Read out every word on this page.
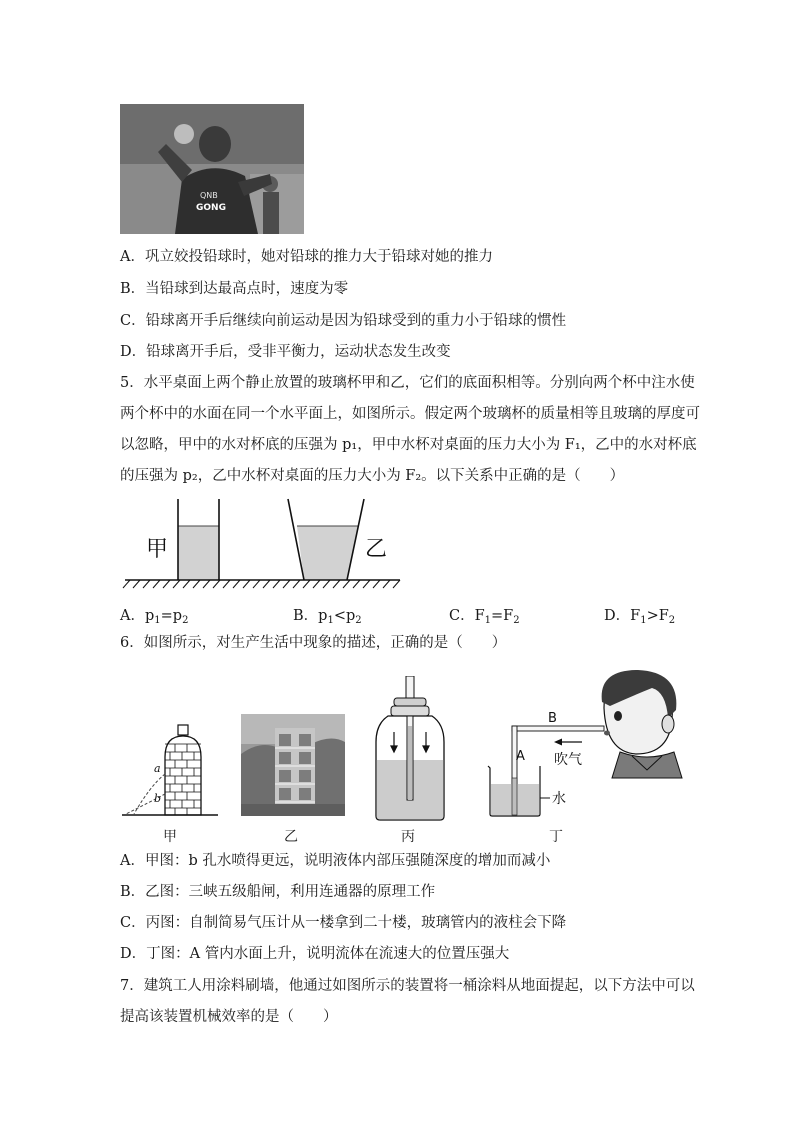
QNB
GONG
A．巩立姣投铅球时，她对铅球的推力大于铅球对她的推力
B．当铅球到达最高点时，速度为零
C．铅球离开手后继续向前运动是因为铅球受到的重力小于铅球的惯性
D．铅球离开手后，受非平衡力，运动状态发生改变
5．水平桌面上两个静止放置的玻璃杯甲和乙，它们的底面积相等。分别向两个杯中注水使
两个杯中的水面在同一个水平面上，如图所示。假定两个玻璃杯的质量相等且玻璃的厚度可
以忽略，甲中的水对杯底的压强为 p₁，甲中水杯对桌面的压力大小为 F₁，乙中的水对杯底
的压强为 p₂，乙中水杯对桌面的压力大小为 F₂。以下关系中正确的是（　　）
甲	乙
A．$p_1=p_2$	B．$p_1<p_2$	C．$F_1=F_2$	D．$F_1>F_2$
6．如图所示，对生产生活中现象的描述，正确的是（　　）
a
b
B
A 吹气
水
甲	乙	丙	丁
A．甲图：b 孔水喷得更远，说明液体内部压强随深度的增加而减小
B．乙图：三峡五级船闸，利用连通器的原理工作
C．丙图：自制简易气压计从一楼拿到二十楼，玻璃管内的液柱会下降
D．丁图：A 管内水面上升，说明流体在流速大的位置压强大
7．建筑工人用涂料刷墙，他通过如图所示的装置将一桶涂料从地面提起，以下方法中可以
提高该装置机械效率的是（　　）
